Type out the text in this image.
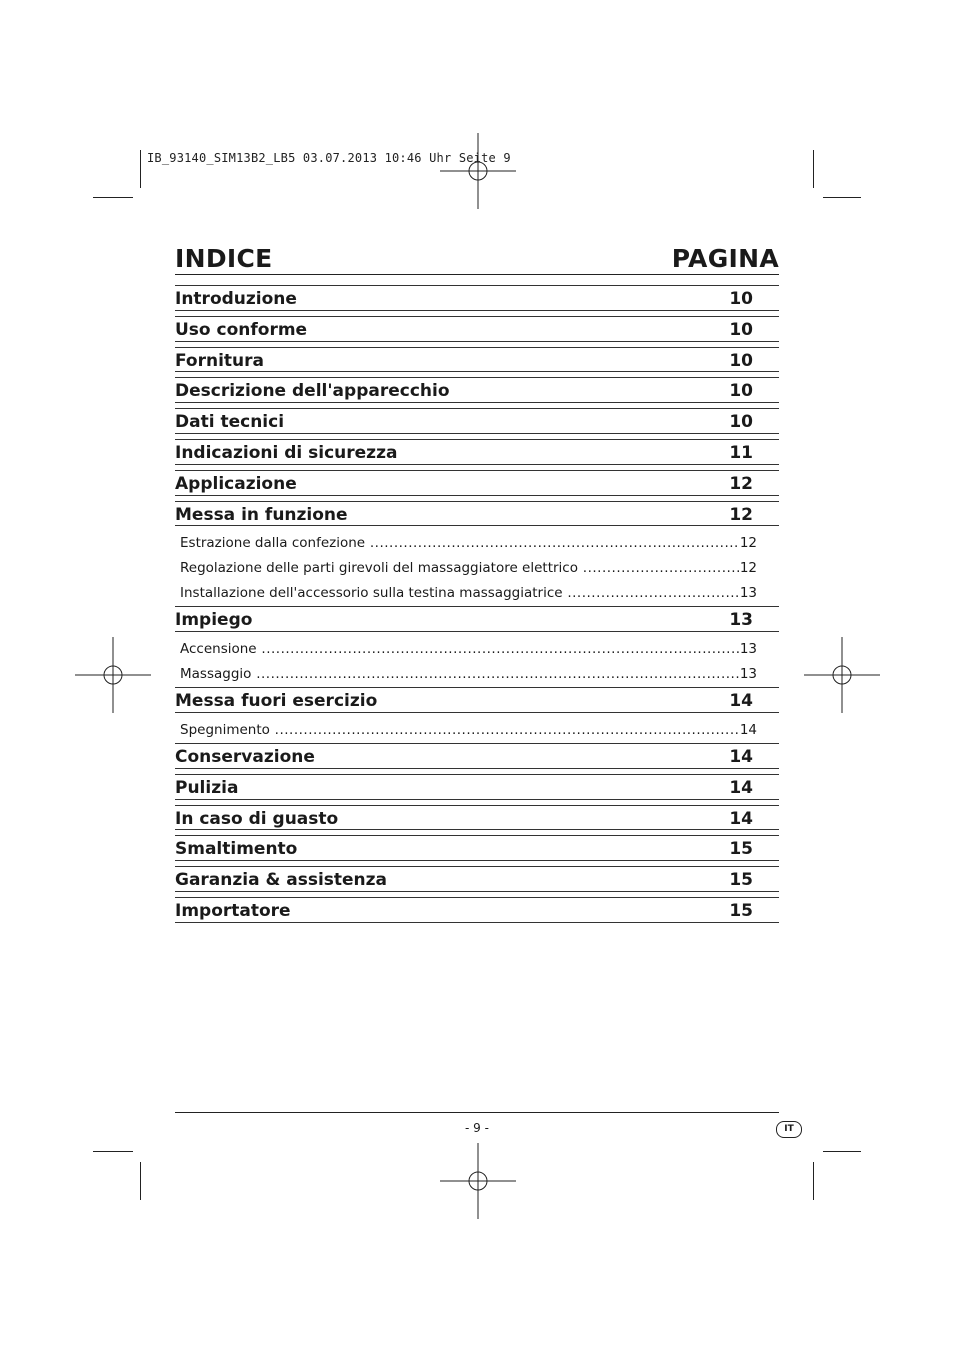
IB_93140_SIM13B2_LB5 03.07.2013 10:46 Uhr Seite 9
INDICE	PAGINA
Introduzione	10
Uso conforme	10
Fornitura	10
Descrizione dell'apparecchio	10
Dati tecnici	10
Indicazioni di sicurezza	11
Applicazione	12
Messa in funzione	12
Estrazione dalla confezione .....	12
Regolazione delle parti girevoli del massaggiatore elettrico .....	12
Installazione dell'accessorio sulla testina massaggiatrice .....	13
Impiego	13
Accensione .....	13
Massaggio .....	13
Messa fuori esercizio	14
Spegnimento .....	14
Conservazione	14
Pulizia	14
In caso di guasto	14
Smaltimento	15
Garanzia & assistenza	15
Importatore	15
- 9 -	IT
